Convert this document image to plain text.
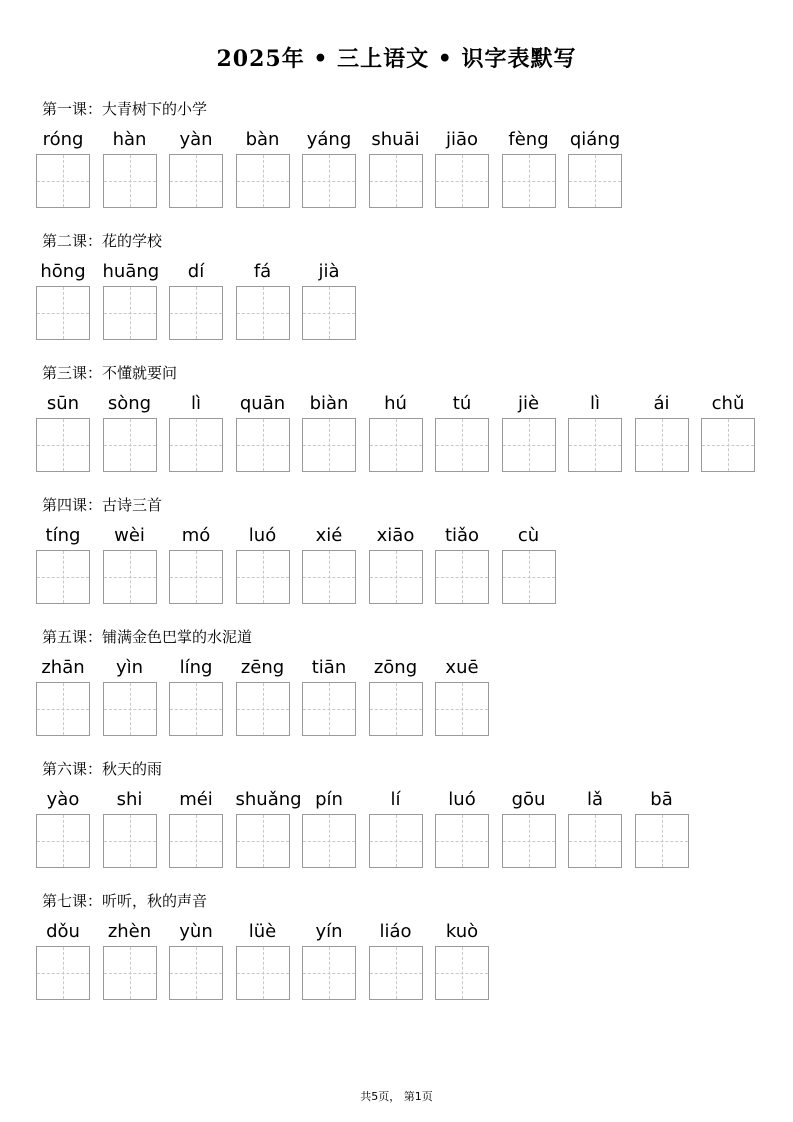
2025年 • 三上语文 • 识字表默写
第一课：大青树下的小学
róng	hàn	yàn	bàn	yáng shuāi	jiāo	fèng	qiáng
第二课：花的学校
hōng huāng	dí	fá	jià
第三课：不懂就要问
sūn	sòng	lì	quān	biàn	hú	tú	jiè	lì	ái	chǔ
第四课：古诗三首
tíng	wèi	mó	luó	xié	xiāo	tiǎo	cù
第五课：铺满金色巴掌的水泥道
zhān	yìn	líng	zēng	tiān	zōng	xuē
第六课：秋天的雨
yào	shi	méi	shuǎng pín	lí	luó	gōu	lǎ	bā
第七课：听听，秋的声音
dǒu	zhèn	yùn	lüè	yín	liáo	kuò
共5页， 第1页
